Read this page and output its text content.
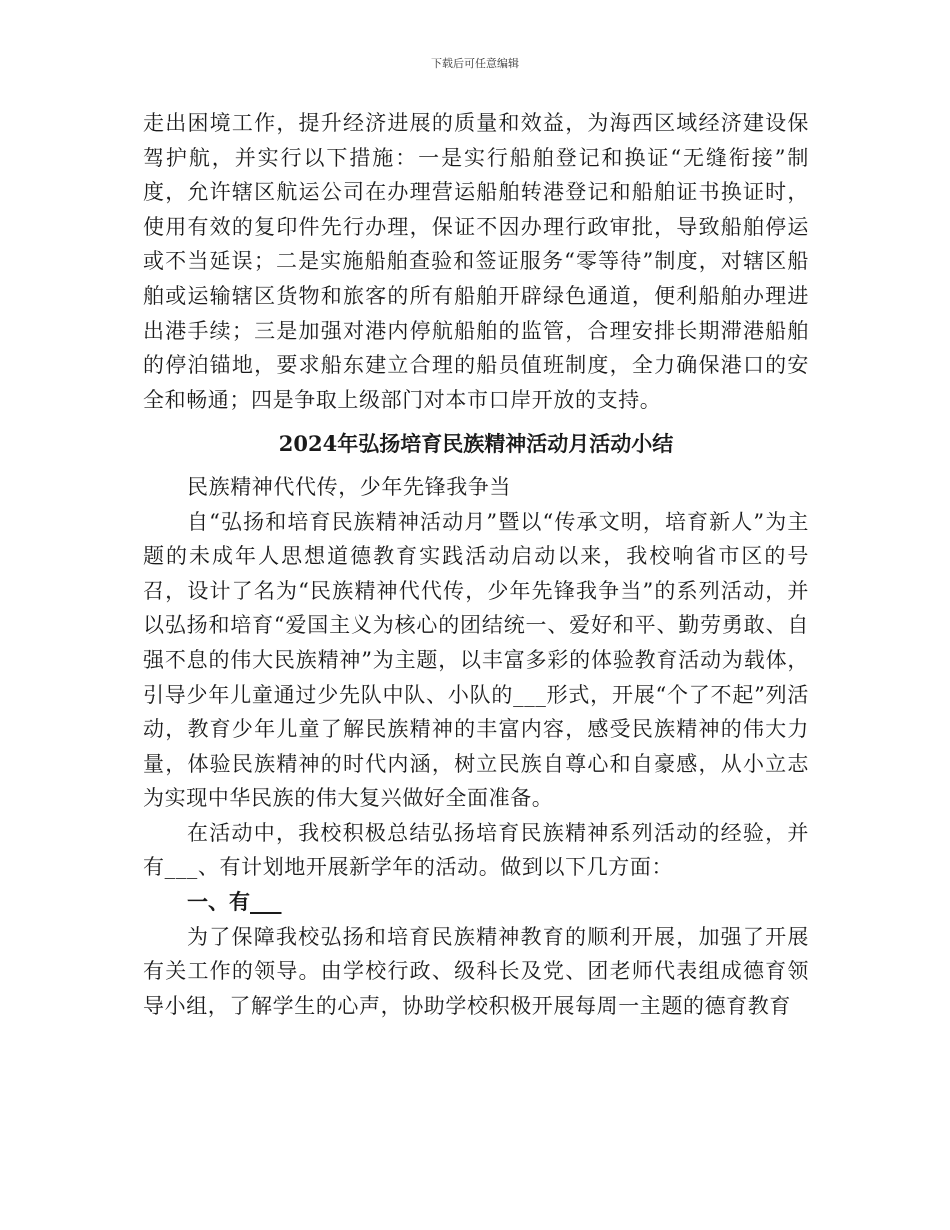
下载后可任意编辑

走出困境工作，提升经济进展的质量和效益，为海西区域经济建设保驾护航，并实行以下措施：一是实行船舶登记和换证“无缝衔接”制度，允许辖区航运公司在办理营运船舶转港登记和船舶证书换证时，使用有效的复印件先行办理，保证不因办理行政审批，导致船舶停运或不当延误；二是实施船舶查验和签证服务“零等待”制度，对辖区船舶或运输辖区货物和旅客的所有船舶开辟绿色通道，便利船舶办理进出港手续；三是加强对港内停航船舶的监管，合理安排长期滞港船舶的停泊锚地，要求船东建立合理的船员值班制度，全力确保港口的安全和畅通；四是争取上级部门对本市口岸开放的支持。

2024年弘扬培育民族精神活动月活动小结

民族精神代代传，少年先锋我争当

自“弘扬和培育民族精神活动月”暨以“传承文明，培育新人”为主题的未成年人思想道德教育实践活动启动以来，我校响省市区的号召，设计了名为“民族精神代代传，少年先锋我争当”的系列活动，并以弘扬和培育“爱国主义为核心的团结统一、爱好和平、勤劳勇敢、自强不息的伟大民族精神”为主题，以丰富多彩的体验教育活动为载体，引导少年儿童通过少先队中队、小队的___形式，开展“个了不起”列活动，教育少年儿童了解民族精神的丰富内容，感受民族精神的伟大力量，体验民族精神的时代内涵，树立民族自尊心和自豪感，从小立志为实现中华民族的伟大复兴做好全面准备。

在活动中，我校积极总结弘扬培育民族精神系列活动的经验，并有___、有计划地开展新学年的活动。做到以下几方面：

一、有___

为了保障我校弘扬和培育民族精神教育的顺利开展，加强了开展有关工作的领导。由学校行政、级科长及党、团老师代表组成德育领导小组，了解学生的心声，协助学校积极开展每周一主题的德育教育
